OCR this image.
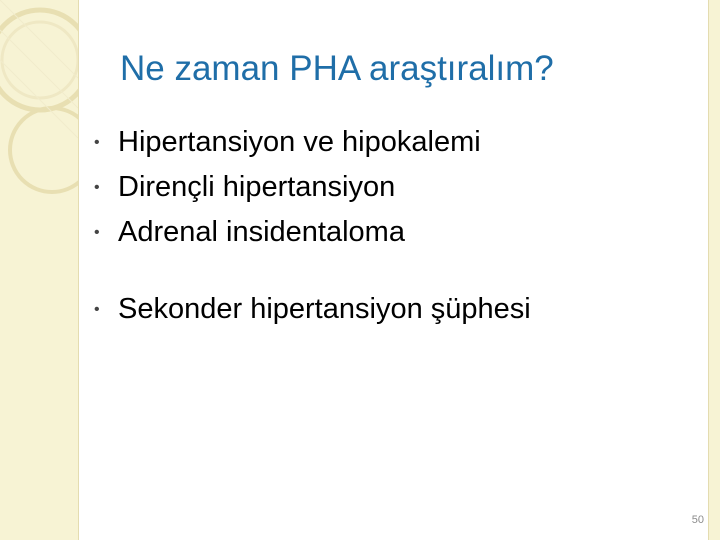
Ne zaman PHA araştıralım?
• Hipertansiyon ve hipokalemi
• Dirençli hipertansiyon
• Adrenal insidentaloma
• Sekonder hipertansiyon şüphesi
50
